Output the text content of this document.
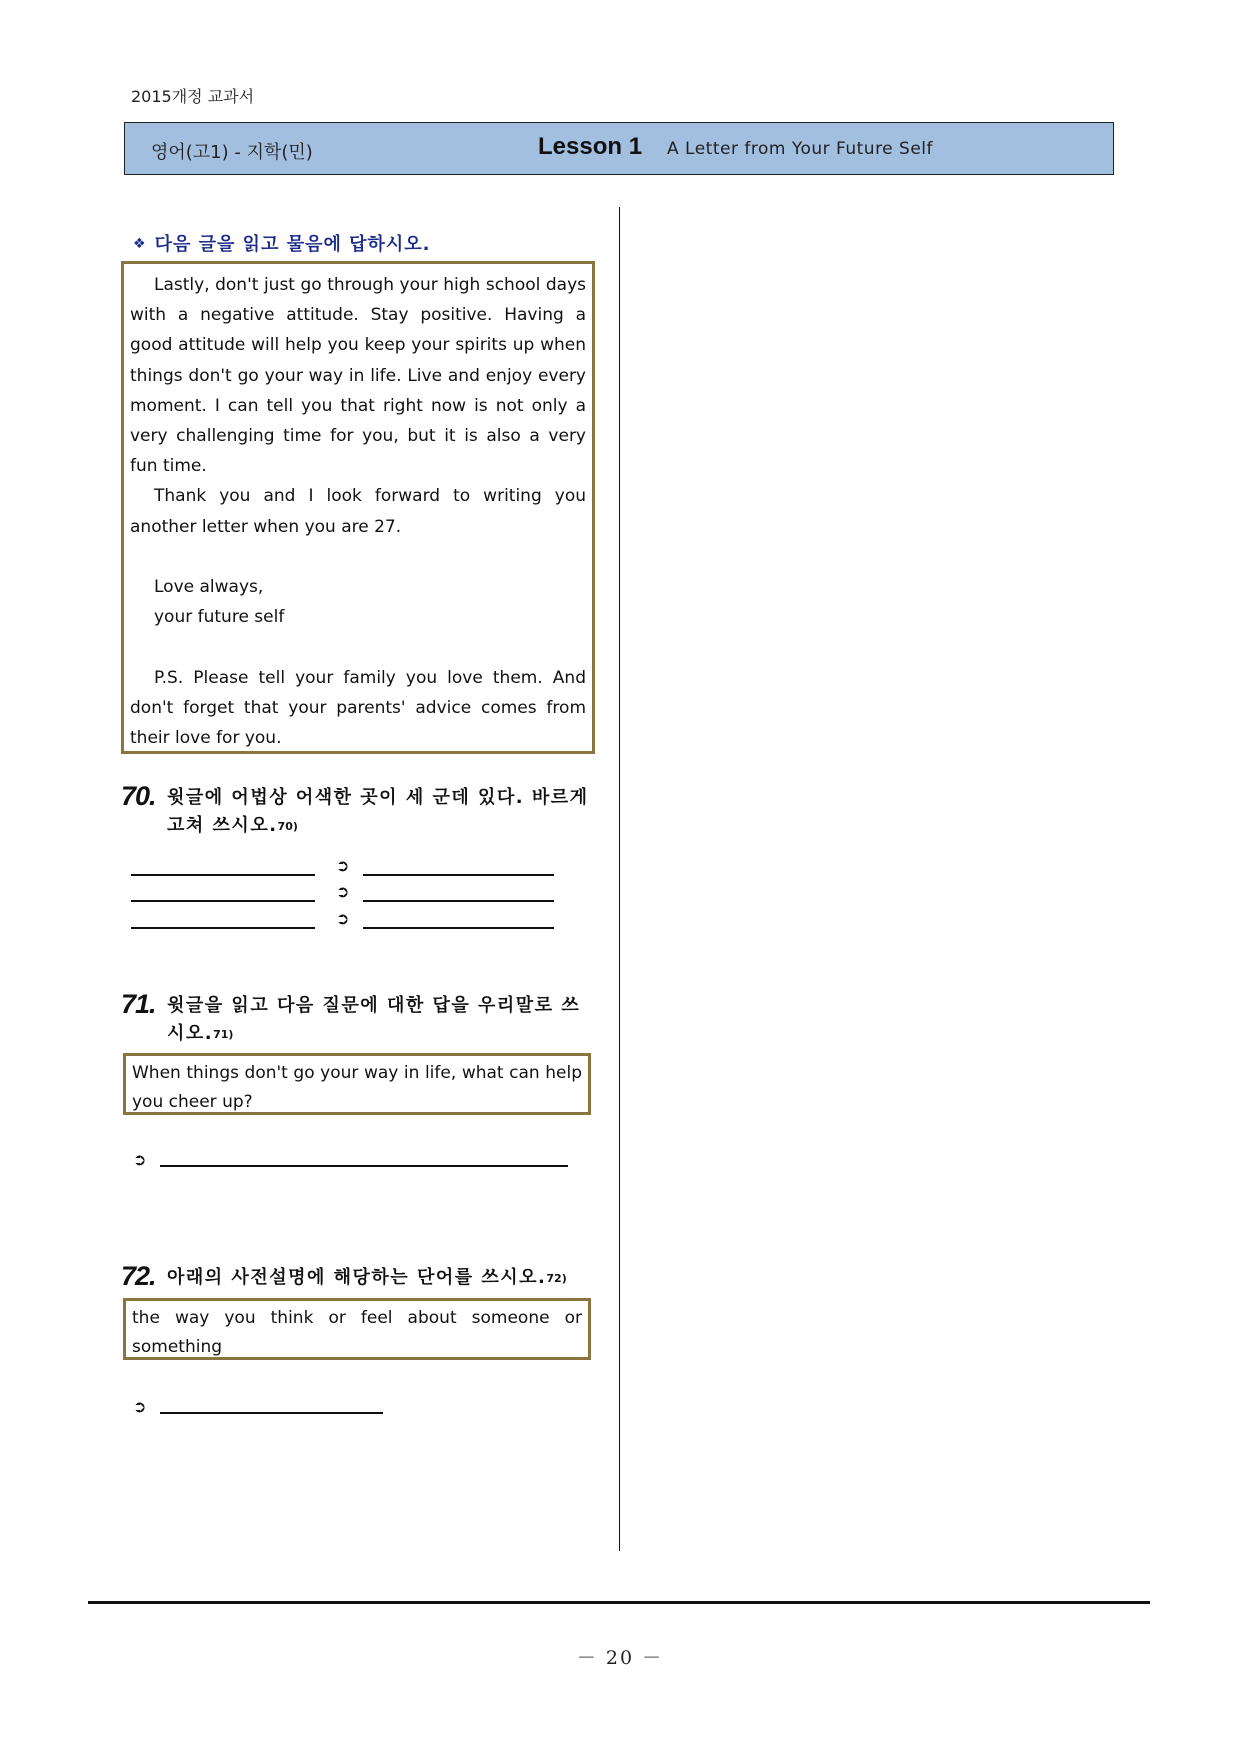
2015개정 교과서
영어(고1) - 지학(민)	Lesson 1 A Letter from Your Future Self
❖ 다음 글을 읽고 물음에 답하시오.

Lastly, don't just go through your high school days with a negative attitude. Stay positive. Having a good attitude will help you keep your spirits up when things don't go your way in life. Live and enjoy every moment. I can tell you that right now is not only a very challenging time for you, but it is also a very fun time.

Thank you and I look forward to writing you another letter when you are 27.

Love always,

your future self

P.S. Please tell your family you love them. And don't forget that your parents' advice comes from their love for you.

70. 윗글에 어법상 어색한 곳이 세 군데 있다. 바르게
고쳐 쓰시오.70)
➲
➲
➲
71. 윗글을 읽고 다음 질문에 대한 답을 우리말로 쓰
시오.71)

When things don't go your way in life, what can help you cheer up?

➲
72. 아래의 사전설명에 해당하는 단어를 쓰시오.72)

the way you think or feel about someone or something

➲
－ 20 －
